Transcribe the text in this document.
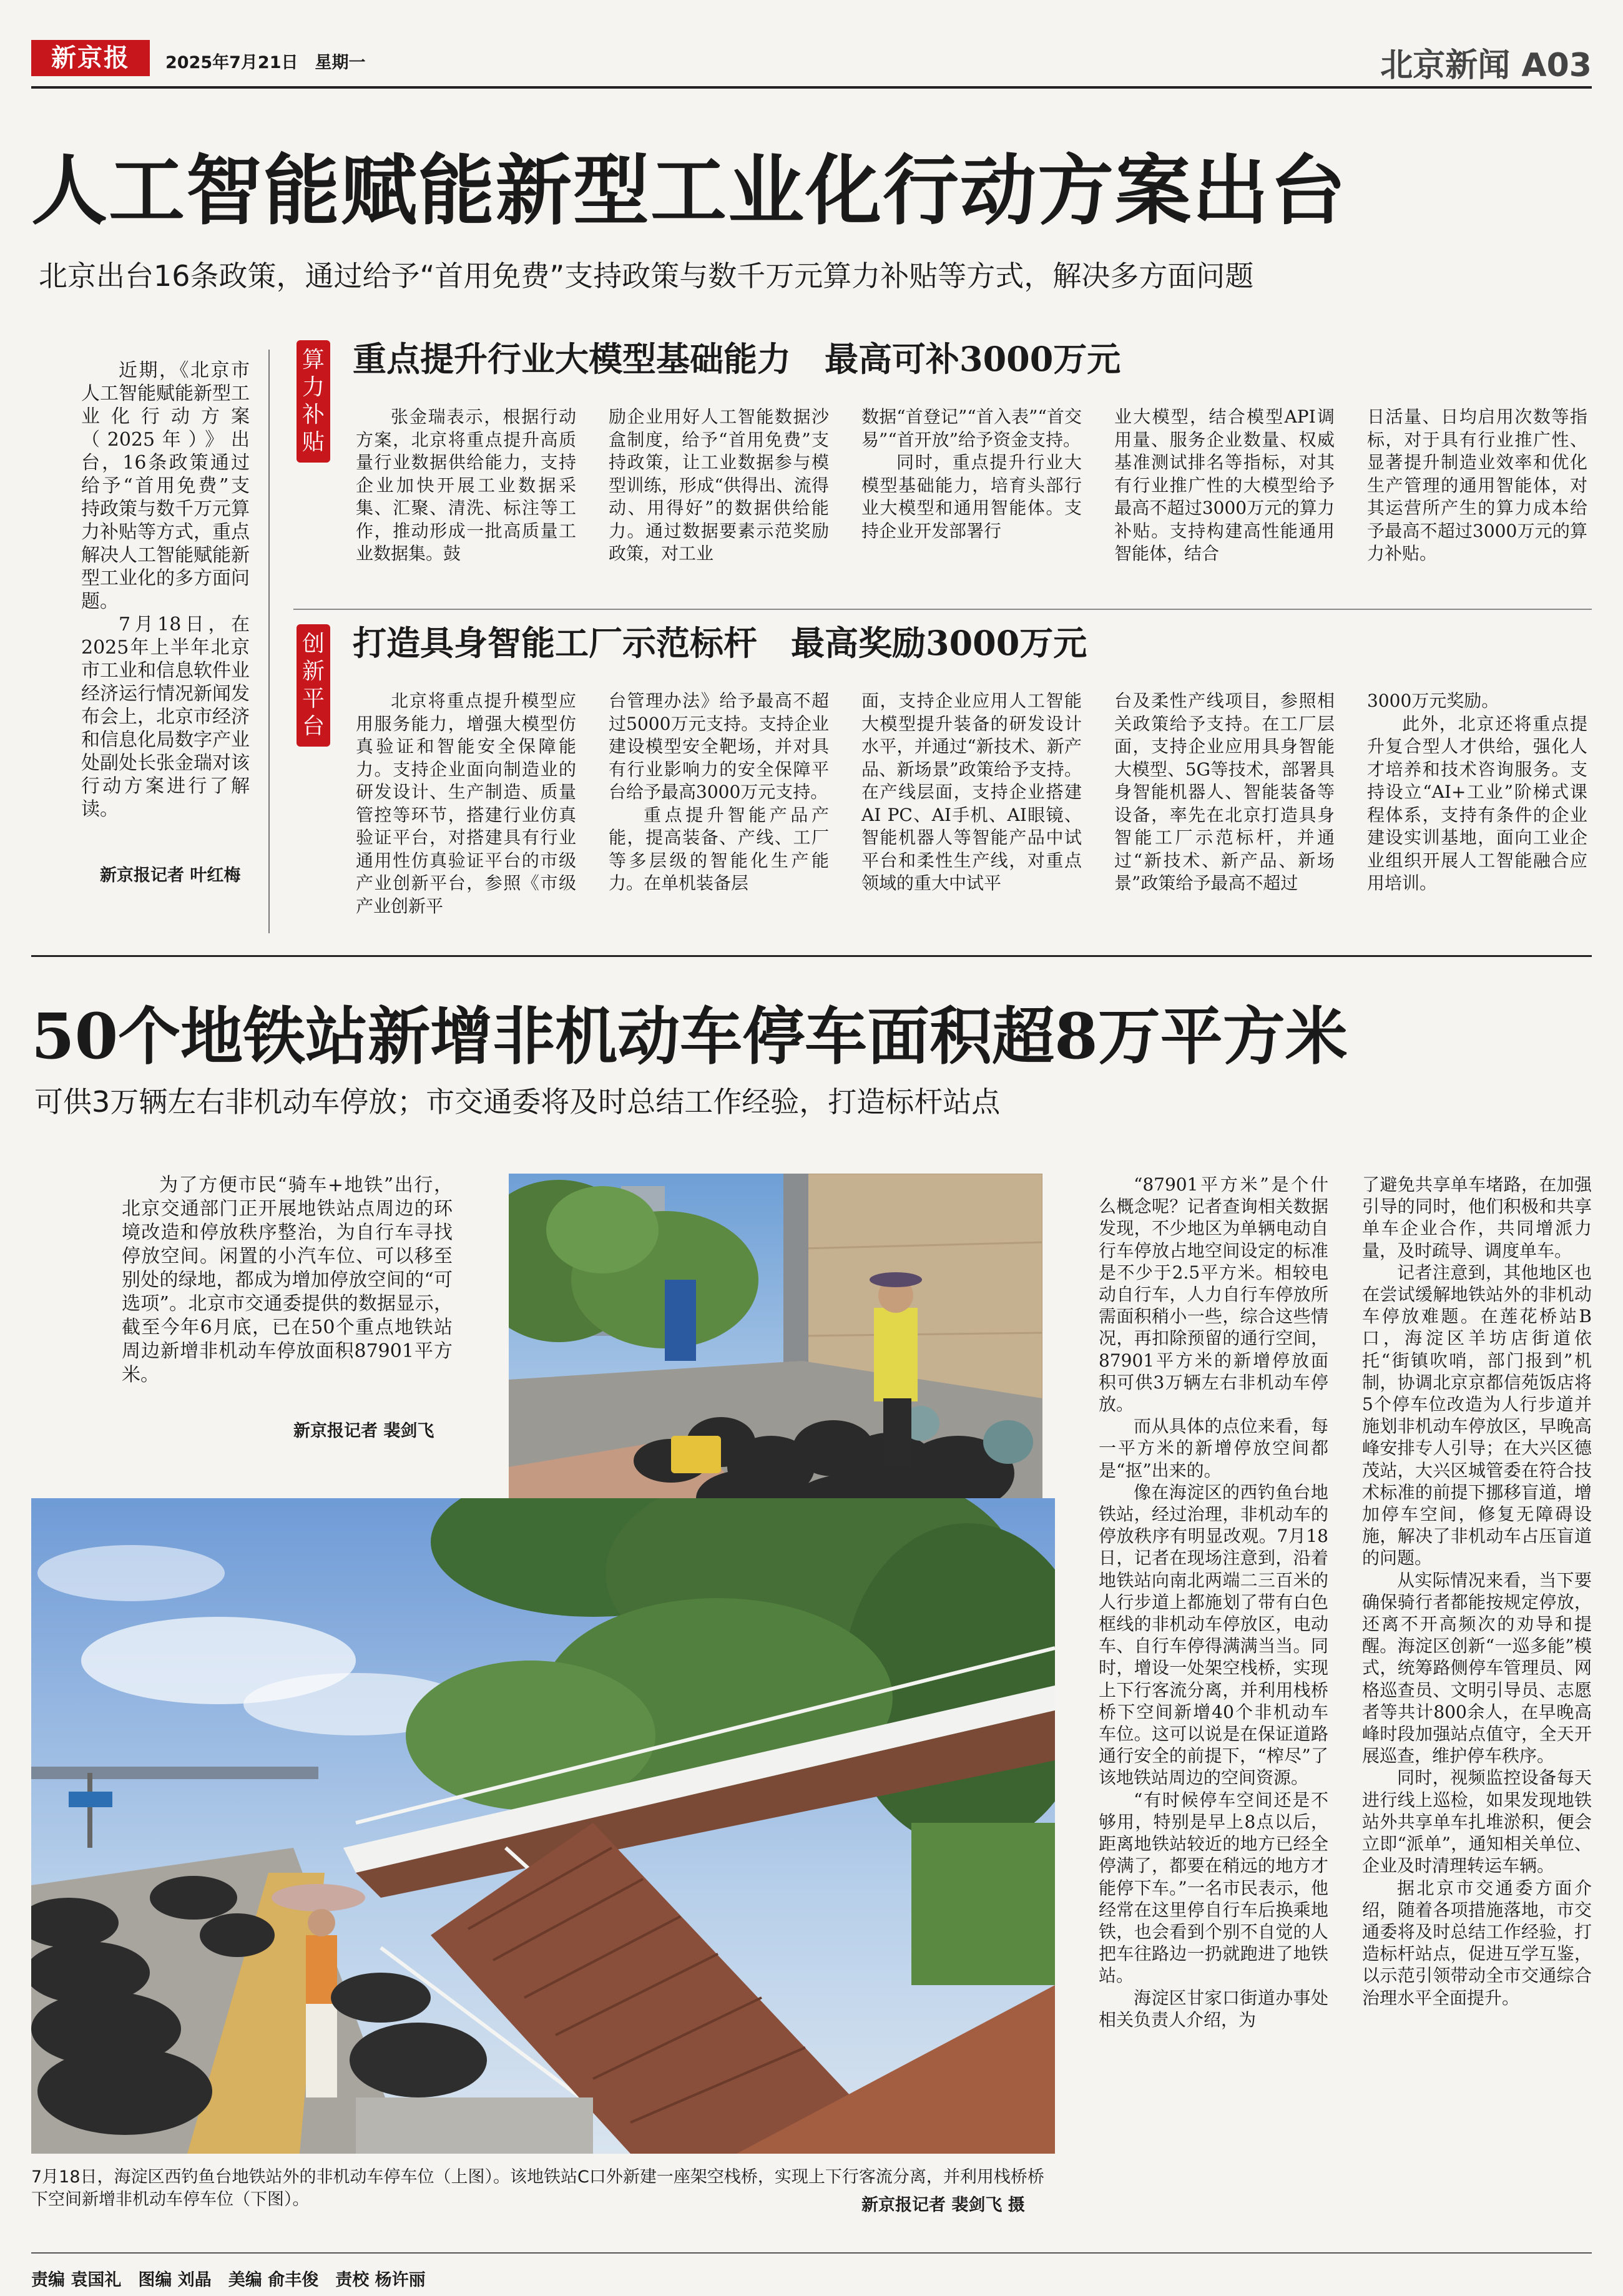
新京报	2025年7月21日　星期一	北京新闻 A03
人工智能赋能新型工业化行动方案出台
北京出台16条政策，通过给予“首用免费”支持政策与数千万元算力补贴等方式，解决多方面问题

近期，《北京市人工智能赋能新型工业化行动方案（2025年）》出台，16条政策通过给予“首用免费”支持政策与数千万元算力补贴等方式，重点解决人工智能赋能新型工业化的多方面问题。

7月18日，在2025年上半年北京市工业和信息软件业经济运行情况新闻发布会上，北京市经济和信息化局数字产业处副处长张金瑞对该行动方案进行了解读。

新京报记者 叶红梅
算力补贴
重点提升行业大模型基础能力　最高可补3000万元

张金瑞表示，根据行动方案，北京将重点提升高质量行业数据供给能力，支持企业加快开展工业数据采集、汇聚、清洗、标注等工作，推动形成一批高质量工业数据集。鼓

励企业用好人工智能数据沙盒制度，给予“首用免费”支持政策，让工业数据参与模型训练，形成“供得出、流得动、用得好”的数据供给能力。通过数据要素示范奖励政策，对工业

数据“首登记”“首入表”“首交易”“首开放”给予资金支持。

同时，重点提升行业大模型基础能力，培育头部行业大模型和通用智能体。支持企业开发部署行

业大模型，结合模型API调用量、服务企业数量、权威基准测试排名等指标，对其有行业推广性的大模型给予最高不超过3000万元的算力补贴。支持构建高性能通用智能体，结合

日活量、日均启用次数等指标，对于具有行业推广性、显著提升制造业效率和优化生产管理的通用智能体，对其运营所产生的算力成本给予最高不超过3000万元的算力补贴。

创新平台
打造具身智能工厂示范标杆　最高奖励3000万元

北京将重点提升模型应用服务能力，增强大模型仿真验证和智能安全保障能力。支持企业面向制造业的研发设计、生产制造、质量管控等环节，搭建行业仿真验证平台，对搭建具有行业通用性仿真验证平台的市级产业创新平台，参照《市级产业创新平

台管理办法》给予最高不超过5000万元支持。支持企业建设模型安全靶场，并对具有行业影响力的安全保障平台给予最高3000万元支持。

重点提升智能产品产能，提高装备、产线、工厂等多层级的智能化生产能力。在单机装备层

面，支持企业应用人工智能大模型提升装备的研发设计水平，并通过“新技术、新产品、新场景”政策给予支持。在产线层面，支持企业搭建AI PC、AI手机、AI眼镜、智能机器人等智能产品中试平台和柔性生产线，对重点领域的重大中试平

台及柔性产线项目，参照相关政策给予支持。在工厂层面，支持企业应用具身智能大模型、5G等技术，部署具身智能机器人、智能装备等设备，率先在北京打造具身智能工厂示范标杆，并通过“新技术、新产品、新场景”政策给予最高不超过

3000万元奖励。

此外，北京还将重点提升复合型人才供给，强化人才培养和技术咨询服务。支持设立“AI+工业”阶梯式课程体系，支持有条件的企业建设实训基地，面向工业企业组织开展人工智能融合应用培训。

50个地铁站新增非机动车停车面积超8万平方米
可供3万辆左右非机动车停放；市交通委将及时总结工作经验，打造标杆站点

为了方便市民“骑车+地铁”出行，北京交通部门正开展地铁站点周边的环境改造和停放秩序整治，为自行车寻找停放空间。闲置的小汽车位、可以移至别处的绿地，都成为增加停放空间的“可选项”。北京市交通委提供的数据显示，截至今年6月底，已在50个重点地铁站周边新增非机动车停放面积87901平方米。

新京报记者 裴剑飞
7月18日，海淀区西钓鱼台地铁站外的非机动车停车位（上图）。该地铁站C口外新建一座架空栈桥，实现上下行客流分离，并利用栈桥桥下空间新增非机动车停车位（下图）。	新京报记者 裴剑飞 摄

“87901平方米”是个什么概念呢？记者查询相关数据发现，不少地区为单辆电动自行车停放占地空间设定的标准是不少于2.5平方米。相较电动自行车，人力自行车停放所需面积稍小一些，综合这些情况，再扣除预留的通行空间，87901平方米的新增停放面积可供3万辆左右非机动车停放。

而从具体的点位来看，每一平方米的新增停放空间都是“抠”出来的。

像在海淀区的西钓鱼台地铁站，经过治理，非机动车的停放秩序有明显改观。7月18日，记者在现场注意到，沿着地铁站向南北两端二三百米的人行步道上都施划了带有白色框线的非机动车停放区，电动车、自行车停得满满当当。同时，增设一处架空栈桥，实现上下行客流分离，并利用栈桥桥下空间新增40个非机动车车位。这可以说是在保证道路通行安全的前提下，“榨尽”了该地铁站周边的空间资源。

“有时候停车空间还是不够用，特别是早上8点以后，距离地铁站较近的地方已经全停满了，都要在稍远的地方才能停下车。”一名市民表示，他经常在这里停自行车后换乘地铁，也会看到个别不自觉的人把车往路边一扔就跑进了地铁站。

海淀区甘家口街道办事处相关负责人介绍，为

了避免共享单车堵路，在加强引导的同时，他们积极和共享单车企业合作，共同增派力量，及时疏导、调度单车。

记者注意到，其他地区也在尝试缓解地铁站外的非机动车停放难题。在莲花桥站B口，海淀区羊坊店街道依托“街镇吹哨，部门报到”机制，协调北京京都信苑饭店将5个停车位改造为人行步道并施划非机动车停放区，早晚高峰安排专人引导；在大兴区德茂站，大兴区城管委在符合技术标准的前提下挪移盲道，增加停车空间，修复无障碍设施，解决了非机动车占压盲道的问题。

从实际情况来看，当下要确保骑行者都能按规定停放，还离不开高频次的劝导和提醒。海淀区创新“一巡多能”模式，统筹路侧停车管理员、网格巡查员、文明引导员、志愿者等共计800余人，在早晚高峰时段加强站点值守，全天开展巡查，维护停车秩序。

同时，视频监控设备每天进行线上巡检，如果发现地铁站外共享单车扎堆淤积，便会立即“派单”，通知相关单位、企业及时清理转运车辆。

据北京市交通委方面介绍，随着各项措施落地，市交通委将及时总结工作经验，打造标杆站点，促进互学互鉴，以示范引领带动全市交通综合治理水平全面提升。

责编 袁国礼　图编 刘晶　美编 俞丰俊　责校 杨许丽
